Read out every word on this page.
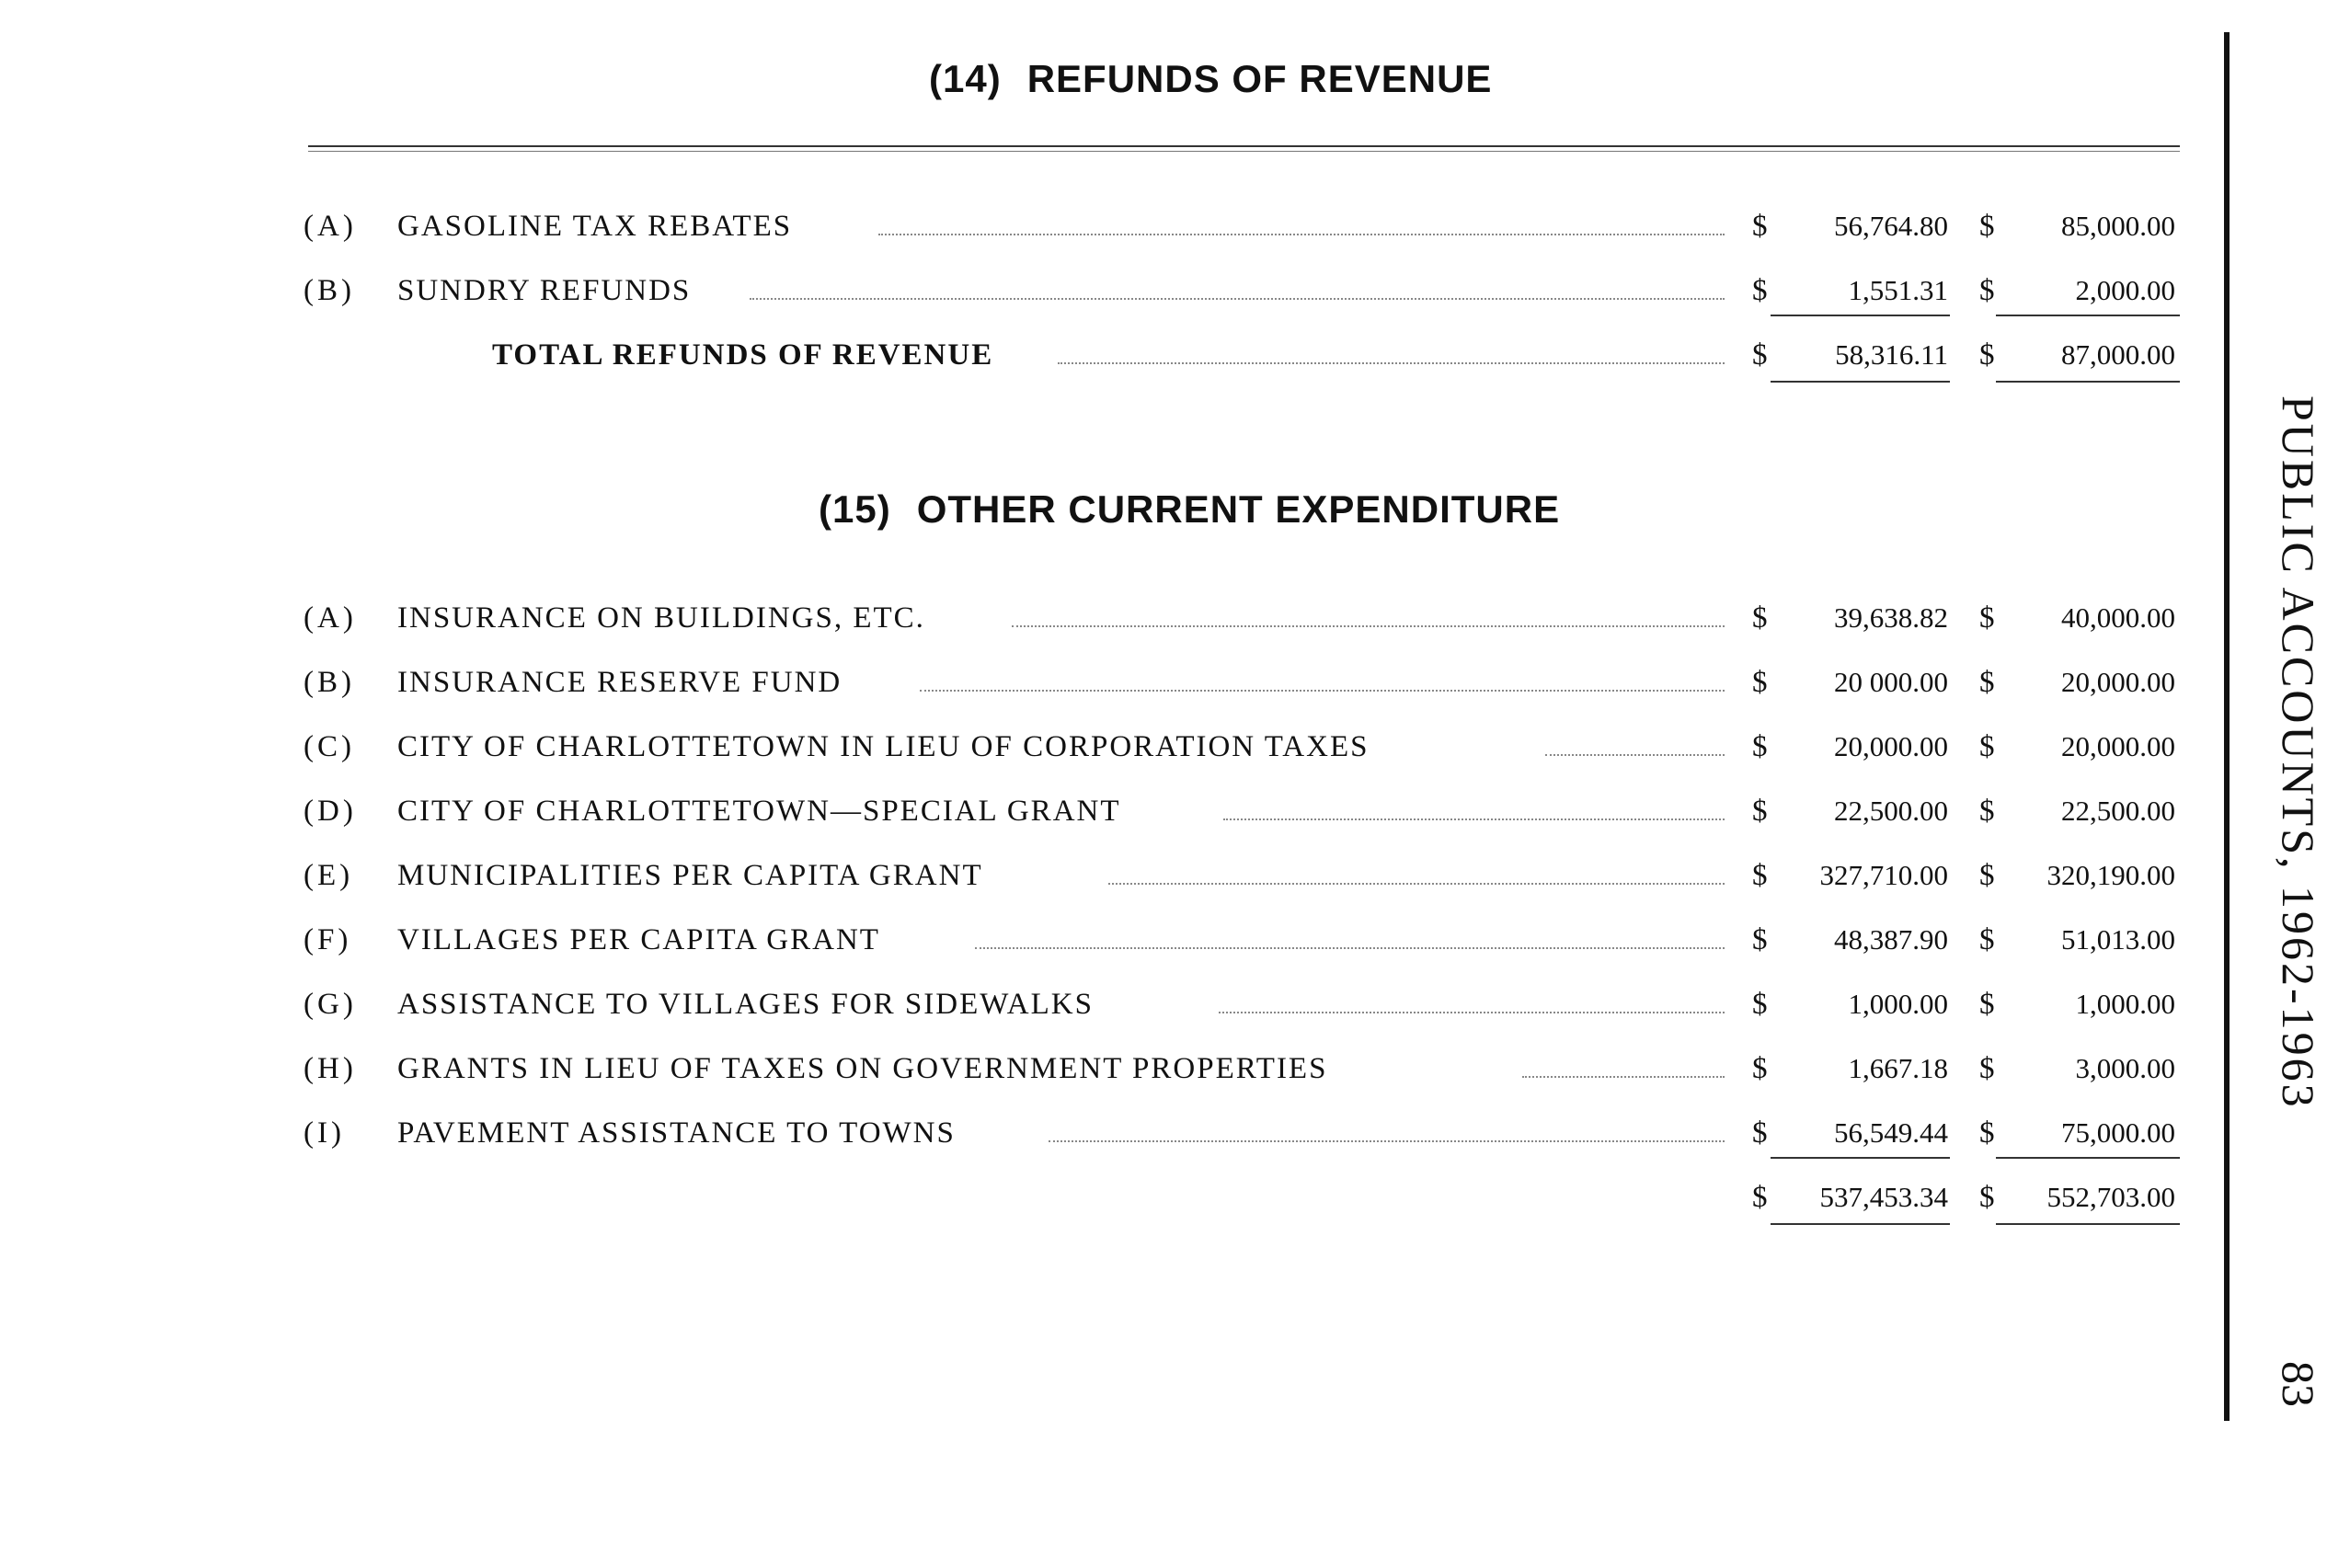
(14) REFUNDS OF REVENUE
(A)	GASOLINE TAX REBATES	$	56,764.80 $	85,000.00
(B)	SUNDRY REFUNDS	$	1,551.31 $	2,000.00
TOTAL REFUNDS OF REVENUE	$	58,316.11 $	87,000.00
(15) OTHER CURRENT EXPENDITURE
(A)	INSURANCE ON BUILDINGS, ETC.	$	39,638.82 $	40,000.00
(B)	INSURANCE RESERVE FUND	$	20 000.00 $	20,000.00
(C)	CITY OF CHARLOTTETOWN IN LIEU OF CORPORATION TAXES	$	20,000.00 $	20,000.00
(D)	CITY OF CHARLOTTETOWN—SPECIAL GRANT	$	22,500.00 $	22,500.00
(E)	MUNICIPALITIES PER CAPITA GRANT	$	327,710.00 $	320,190.00
(F)	VILLAGES PER CAPITA GRANT	$	48,387.90 $	51,013.00
(G)	ASSISTANCE TO VILLAGES FOR SIDEWALKS	$	1,000.00 $	1,000.00
(H)	GRANTS IN LIEU OF TAXES ON GOVERNMENT PROPERTIES	$	1,667.18 $	3,000.00
(I)	PAVEMENT ASSISTANCE TO TOWNS	$	56,549.44 $	75,000.00
$	537,453.34 $	552,703.00
PUBLIC ACCOUNTS, 1962-1963
83
